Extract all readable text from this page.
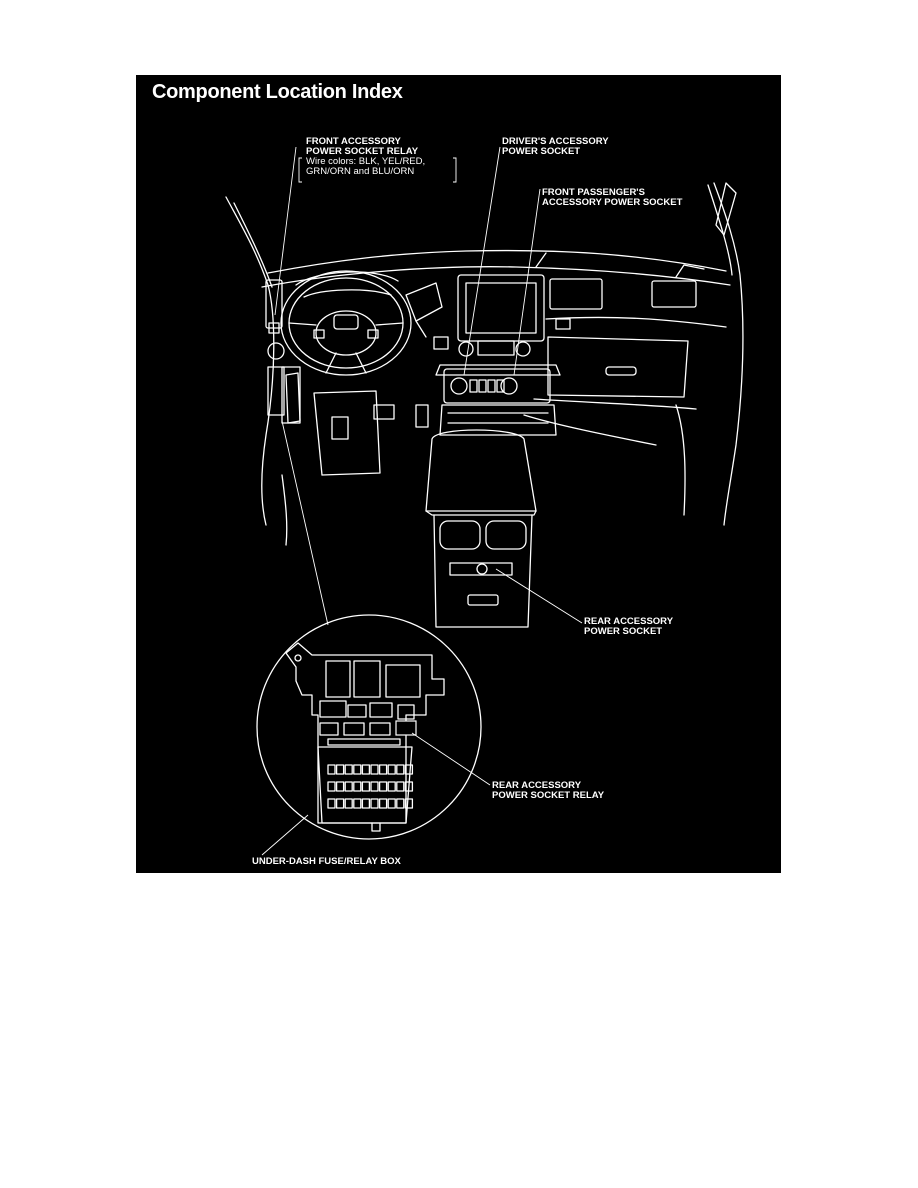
Component Location Index
FRONT ACCESSORY
POWER SOCKET RELAY
Wire colors: BLK, YEL/RED,
GRN/ORN and BLU/ORN
DRIVER'S ACCESSORY
POWER SOCKET
FRONT PASSENGER'S
ACCESSORY POWER SOCKET
REAR ACCESSORY
POWER SOCKET
REAR ACCESSORY
POWER SOCKET RELAY
UNDER-DASH FUSE/RELAY BOX
